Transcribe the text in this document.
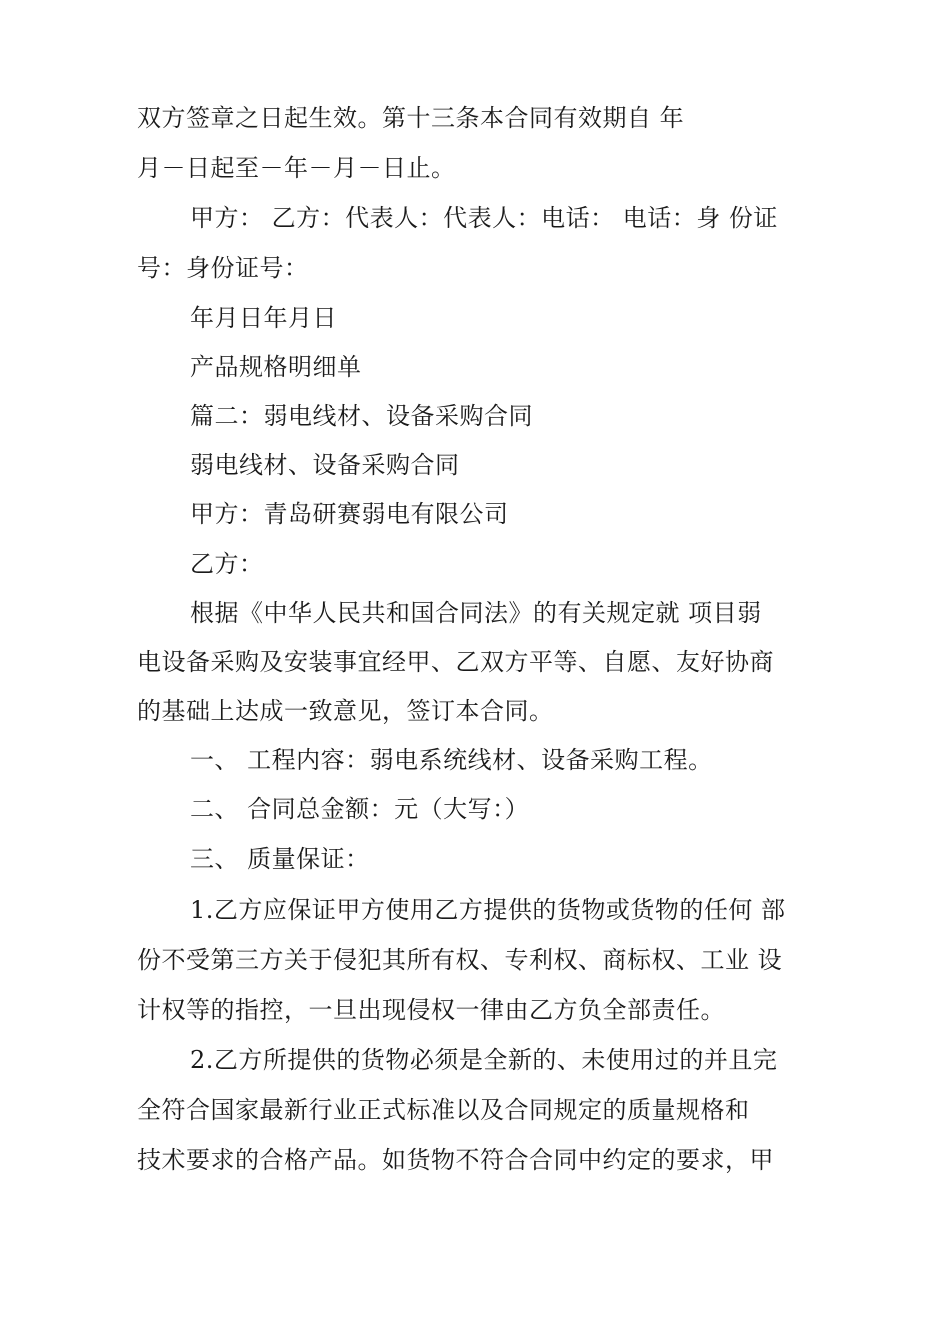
双方签章之日起生效。第十三条本合同有效期自 年
月－日起至－年－月－日止。
甲方： 乙方：代表人：代表人：电话： 电话：身 份证
号：身份证号：
年月日年月日
产品规格明细单
篇二：弱电线材、设备采购合同
弱电线材、设备采购合同
甲方：青岛研赛弱电有限公司
乙方：
根据《中华人民共和国合同法》的有关规定就 项目弱
电设备采购及安装事宜经甲、乙双方平等、自愿、友好协商
的基础上达成一致意见，签订本合同。
一、 工程内容：弱电系统线材、设备采购工程。
二、 合同总金额：元（大写：）
三、 质量保证：
1.乙方应保证甲方使用乙方提供的货物或货物的任何 部
份不受第三方关于侵犯其所有权、专利权、商标权、工业 设
计权等的指控，一旦出现侵权一律由乙方负全部责任。
2.乙方所提供的货物必须是全新的、未使用过的并且完
全符合国家最新行业正式标准以及合同规定的质量规格和
技术要求的合格产品。如货物不符合合同中约定的要求，甲
